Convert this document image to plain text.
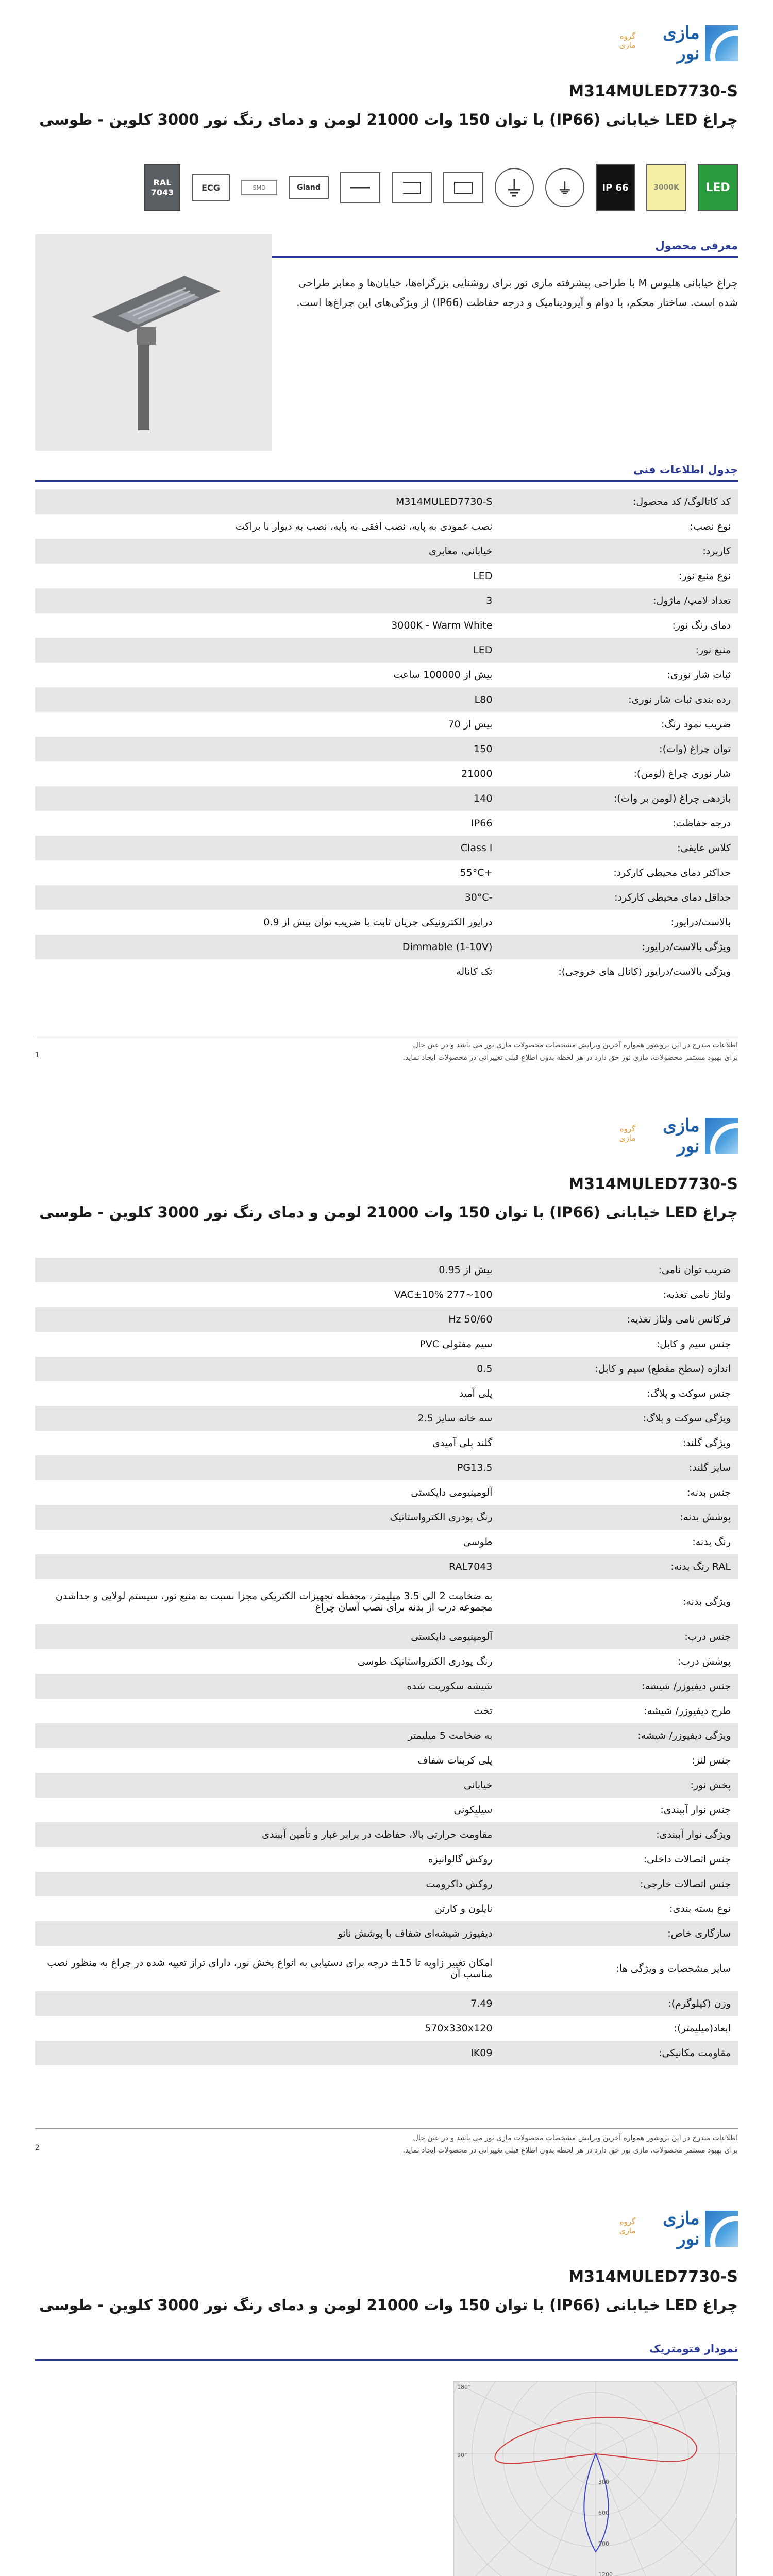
مازی نور
گروه مازی
M314MULED7730-S
چراغ LED خیابانی (IP66) با توان 150 وات 21000 لومن و دمای رنگ نور 3000 کلوین - طوسی
LED
3000K
IP 66
⏚
Gland
SMD
ECG
RAL 7043
معرفی محصول
چراغ خیابانی هلیوس M با طراحی پیشرفته مازی نور برای روشنایی بزرگراه‌ها، خیابان‌ها و معابر طراحی شده است. ساختار محکم، با دوام و آیرودینامیک و درجه حفاظت (IP66) از ویژگی‌های این چراغ‌ها است.
جدول اطلاعات فنی
کد کاتالوگ/ کد محصول:
M314MULED7730-S
نوع نصب:
نصب عمودی به پایه، نصب افقی به پایه، نصب به دیوار با براکت
کاربرد:
خیابانی، معابری
نوع منبع نور:
LED
تعداد لامپ/ ماژول:
3
دمای رنگ نور:
3000K - Warm White
منبع نور:
LED
ثبات شار نوری:
بیش از 100000 ساعت
رده بندی ثبات شار نوری:
L80
ضریب نمود رنگ:
بیش از 70
توان چراغ (وات):
150
شار نوری چراغ (لومن):
21000
بازدهی چراغ (لومن بر وات):
140
درجه حفاظت:
IP66
کلاس عایقی:
Class I
حداکثر دمای محیطی کارکرد:
+55°C
حداقل دمای محیطی کارکرد:
-30°C
بالاست/درایور:
درایور الکترونیکی جریان ثابت با ضریب توان بیش از 0.9
ویژگی بالاست/درایور:
Dimmable (1-10V)
ویژگی بالاست/درایور (کانال های خروجی):
تک کاناله
اطلاعات مندرج در این بروشور همواره آخرین ویرایش مشخصات محصولات مازی نور می باشد و در عین حال
برای بهبود مستمر محصولات، مازی نور حق دارد در هر لحظه بدون اطلاع قبلی تغییراتی در محصولات ایجاد نماید.
1
مازی نور
گروه مازی
M314MULED7730-S
چراغ LED خیابانی (IP66) با توان 150 وات 21000 لومن و دمای رنگ نور 3000 کلوین - طوسی
ضریب توان نامی:
بیش از 0.95
ولتاژ نامی تغذیه:
100~277 VAC±10%
فرکانس نامی ولتاژ تغذیه:
50/60 Hz
جنس سیم و کابل:
سیم مفتولی PVC
اندازه (سطح مقطع) سیم و کابل:
0.5
جنس سوکت و پلاگ:
پلی آمید
ویژگی سوکت و پلاگ:
سه خانه سایز 2.5
ویژگی گلند:
گلند پلی آمیدی
سایز گلند:
PG13.5
جنس بدنه:
آلومینیومی دایکستی
پوشش بدنه:
رنگ پودری الکترواستاتیک
رنگ بدنه:
طوسی
RAL رنگ بدنه:
RAL7043
ویژگی بدنه:
به ضخامت 2 الی 3.5 میلیمتر، محفظه تجهیزات الکتریکی مجزا نسبت به منبع نور، سیستم لولایی و جداشدن مجموعه درب از بدنه برای نصب آسان چراغ
جنس درب:
آلومینیومی دایکستی
پوشش درب:
رنگ پودری الکترواستاتیک طوسی
جنس دیفیوزر/ شیشه:
شیشه سکوریت شده
طرح دیفیوزر/ شیشه:
تخت
ویژگی دیفیوزر/ شیشه:
به ضخامت 5 میلیمتر
جنس لنز:
پلی کربنات شفاف
پخش نور:
خیابانی
جنس نوار آببندی:
سیلیکونی
ویژگی نوار آببندی:
مقاومت حرارتی بالا، حفاظت در برابر غبار و تأمین آببندی
جنس اتصالات داخلی:
روکش گالوانیزه
جنس اتصالات خارجی:
روکش داکرومت
نوع بسته بندی:
نایلون و کارتن
سازگاری خاص:
دیفیوزر شیشه‌ای شفاف با پوشش نانو
سایر مشخصات و ویژگی ها:
امکان تغییر زاویه تا 15± درجه برای دستیابی به انواع پخش نور، دارای تراز تعبیه شده در چراغ به منظور نصب مناسب آن
وزن (کیلوگرم):
7.49
ابعاد(میلیمتر):
570x330x120
مقاومت مکانیکی:
IK09
اطلاعات مندرج در این بروشور همواره آخرین ویرایش مشخصات محصولات مازی نور می باشد و در عین حال
برای بهبود مستمر محصولات، مازی نور حق دارد در هر لحظه بدون اطلاع قبلی تغییراتی در محصولات ایجاد نماید.
2
مازی نور
گروه مازی
M314MULED7730-S
چراغ LED خیابانی (IP66) با توان 150 وات 21000 لومن و دمای رنگ نور 3000 کلوین - طوسی
نمودار فتومتریک
180°
90°
300
600
900
1200
